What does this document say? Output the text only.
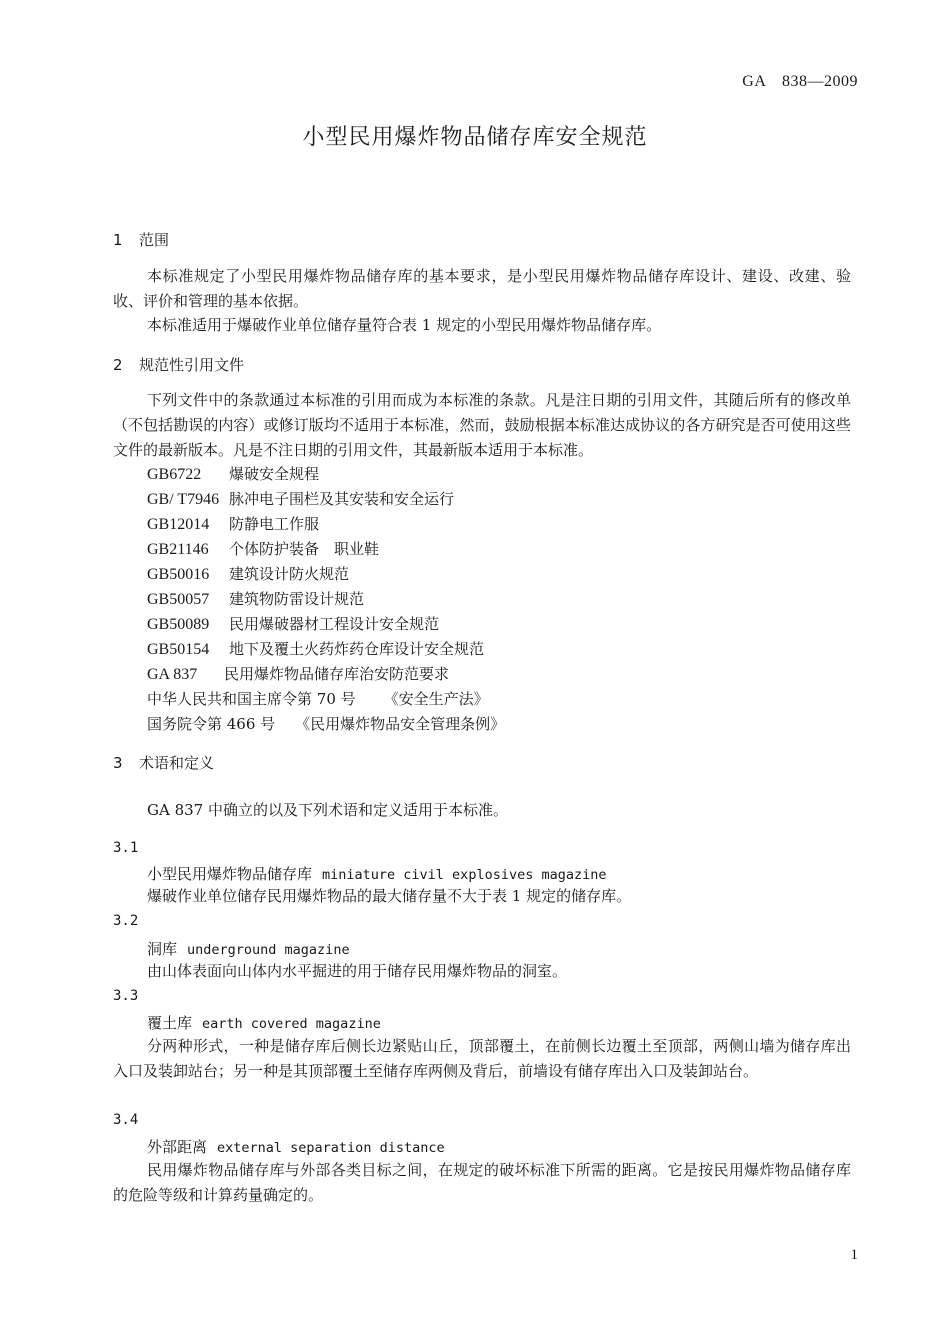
GA　838—2009
小型民用爆炸物品储存库安全规范
1 范围

本标准规定了小型民用爆炸物品储存库的基本要求，是小型民用爆炸物品储存库设计、建设、改建、验收、评价和管理的基本依据。

本标准适用于爆破作业单位储存量符合表 1 规定的小型民用爆炸物品储存库。

2 规范性引用文件

下列文件中的条款通过本标准的引用而成为本标准的条款。凡是注日期的引用文件，其随后所有的修改单（不包括勘误的内容）或修订版均不适用于本标准，然而，鼓励根据本标准达成协议的各方研究是否可使用这些文件的最新版本。凡是不注日期的引用文件，其最新版本适用于本标准。

GB6722 爆破安全规程
GB/ T7946 脉冲电子围栏及其安装和安全运行
GB12014 防静电工作服
GB21146 个体防护装备　职业鞋
GB50016 建筑设计防火规范
GB50057 建筑物防雷设计规范
GB50089 民用爆破器材工程设计安全规范
GB50154 地下及覆土火药炸药仓库设计安全规范
GA 837 民用爆炸物品储存库治安防范要求
中华人民共和国主席令第 70 号 《安全生产法》
国务院令第 466 号 《民用爆炸物品安全管理条例》
3 术语和定义

GA 837 中确立的以及下列术语和定义适用于本标准。

3.1
小型民用爆炸物品储存库 miniature civil explosives magazine

爆破作业单位储存民用爆炸物品的最大储存量不大于表 1 规定的储存库。

3.2
洞库 underground magazine

由山体表面向山体内水平掘进的用于储存民用爆炸物品的洞室。

3.3
覆土库 earth covered magazine

分两种形式，一种是储存库后侧长边紧贴山丘，顶部覆土，在前侧长边覆土至顶部，两侧山墙为储存库出入口及装卸站台；另一种是其顶部覆土至储存库两侧及背后，前墙设有储存库出入口及装卸站台。

3.4
外部距离 external separation distance

民用爆炸物品储存库与外部各类目标之间，在规定的破坏标准下所需的距离。它是按民用爆炸物品储存库的危险等级和计算药量确定的。

1
